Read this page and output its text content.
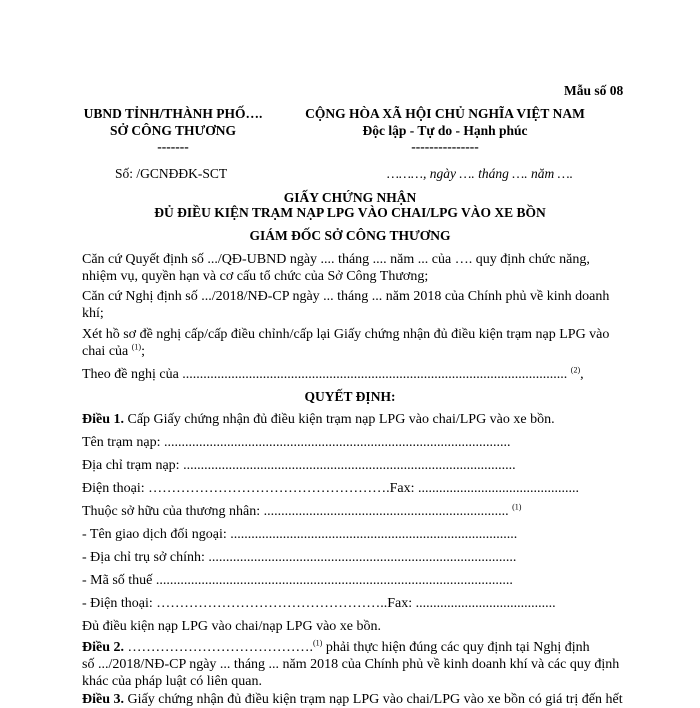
Mẫu số 08
UBND TỈNH/THÀNH PHỐ….
SỞ CÔNG THƯƠNG
-------
CỘNG HÒA XÃ HỘI CHỦ NGHĨA VIỆT NAM
Độc lập - Tự do - Hạnh phúc
---------------
Số: /GCNĐĐK-SCT	………, ngày …. tháng …. năm ….
GIẤY CHỨNG NHẬN
ĐỦ ĐIỀU KIỆN TRẠM NẠP LPG VÀO CHAI/LPG VÀO XE BỒN
GIÁM ĐỐC SỞ CÔNG THƯƠNG
Căn cứ Quyết định số .../QĐ-UBND ngày .... tháng .... năm ... của …. quy định chức năng,
nhiệm vụ, quyền hạn và cơ cấu tổ chức của Sở Công Thương;
Căn cứ Nghị định số .../2018/NĐ-CP ngày ... tháng ... năm 2018 của Chính phủ về kinh doanh
khí;
Xét hồ sơ đề nghị cấp/cấp điều chỉnh/cấp lại Giấy chứng nhận đủ điều kiện trạm nạp LPG vào
chai của $^{(1)}$;
Theo đề nghị của .............................................................................................................. $^{(2)}$,
QUYẾT ĐỊNH:
Điều 1. Cấp Giấy chứng nhận đủ điều kiện trạm nạp LPG vào chai/LPG vào xe bồn.
Tên trạm nạp: ...................................................................................................
Địa chỉ trạm nạp: ...............................................................................................
Điện thoại: …………………………………………….Fax: ..............................................
Thuộc sở hữu của thương nhân: ...................................................................... $^{(1)}$
- Tên giao dịch đối ngoại: ..................................................................................
- Địa chỉ trụ sở chính: ........................................................................................
- Mã số thuế ......................................................................................................
- Điện thoại: …………………………………………..Fax: ........................................
Đủ điều kiện nạp LPG vào chai/nạp LPG vào xe bồn.
Điều 2. ………………………………….$^{(1)}$ phải thực hiện đúng các quy định tại Nghị định
số .../2018/NĐ-CP ngày ... tháng ... năm 2018 của Chính phủ về kinh doanh khí và các quy định
khác của pháp luật có liên quan.
Điều 3. Giấy chứng nhận đủ điều kiện trạm nạp LPG vào chai/LPG vào xe bồn có giá trị đến hết
